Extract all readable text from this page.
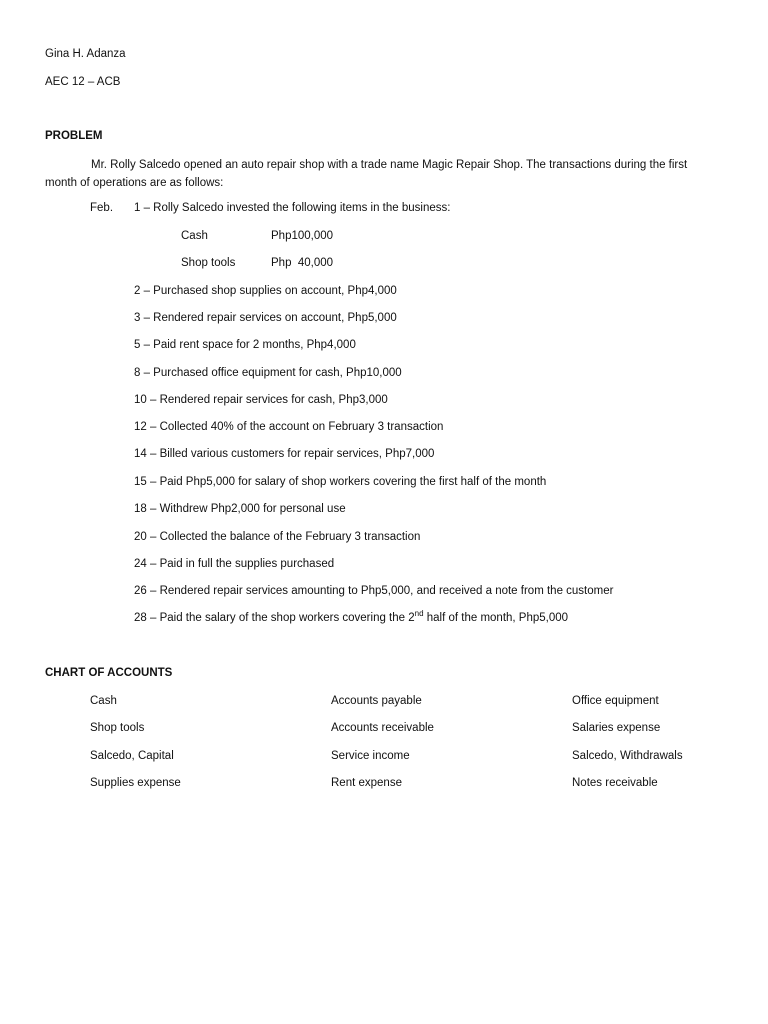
Gina H. Adanza
AEC 12 – ACB
PROBLEM
Mr. Rolly Salcedo opened an auto repair shop with a trade name Magic Repair Shop. The transactions during the first month of operations are as follows:
Feb. 1 – Rolly Salcedo invested the following items in the business:
Cash	Php100,000
Shop tools	Php  40,000
2 – Purchased shop supplies on account, Php4,000
3 – Rendered repair services on account, Php5,000
5 – Paid rent space for 2 months, Php4,000
8 – Purchased office equipment for cash, Php10,000
10 – Rendered repair services for cash, Php3,000
12 – Collected 40% of the account on February 3 transaction
14 – Billed various customers for repair services, Php7,000
15 – Paid Php5,000 for salary of shop workers covering the first half of the month
18 – Withdrew Php2,000 for personal use
20 – Collected the balance of the February 3 transaction
24 – Paid in full the supplies purchased
26 – Rendered repair services amounting to Php5,000, and received a note from the customer
28 – Paid the salary of the shop workers covering the 2nd half of the month, Php5,000
CHART OF ACCOUNTS
Cash
Shop tools
Salcedo, Capital
Supplies expense
Accounts payable
Accounts receivable
Service income
Rent expense
Office equipment
Salaries expense
Salcedo, Withdrawals
Notes receivable
